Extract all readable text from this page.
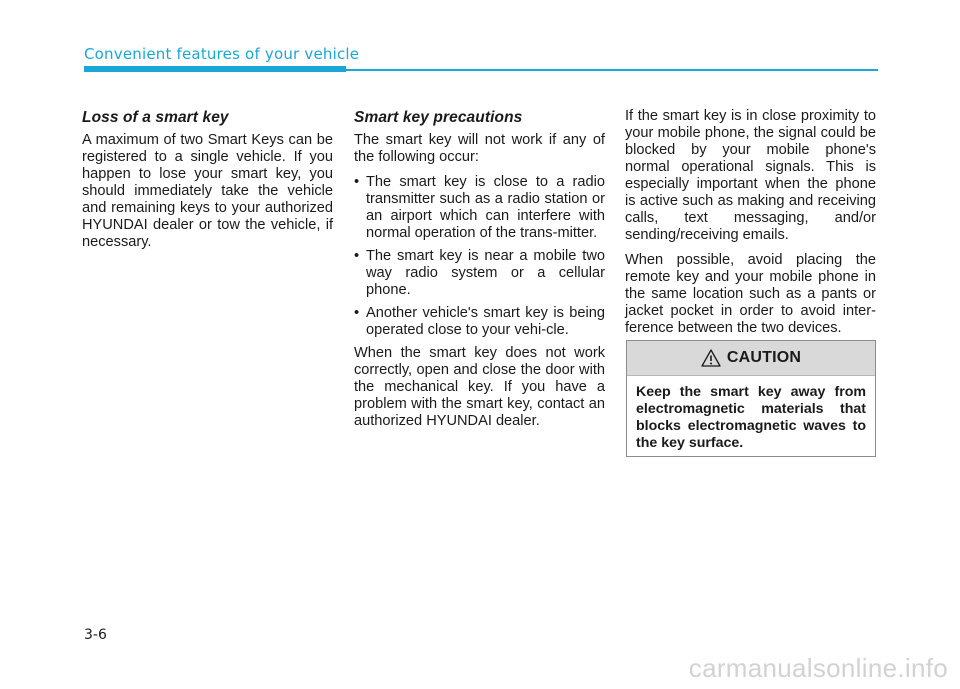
Convenient features of your vehicle
Loss of a smart key

A maximum of two Smart Keys can be registered to a single vehicle. If you happen to lose your smart key, you should immediately take the vehicle and remaining keys to your authorized HYUNDAI dealer or tow the vehicle, if necessary.

Smart key precautions

The smart key will not work if any of the following occur:

• The smart key is close to a radio transmitter such as a radio station or an airport which can interfere with normal operation of the trans-mitter.
• The smart key is near a mobile two way radio system or a cellular phone.
• Another vehicle's smart key is being operated close to your vehi-cle.

When the smart key does not work correctly, open and close the door with the mechanical key. If you have a problem with the smart key, contact an authorized HYUNDAI dealer.

If the smart key is in close proximity to your mobile phone, the signal could be blocked by your mobile phone's normal operational signals. This is especially important when the phone is active such as making and receiving calls, text messaging, and/or sending/receiving emails.

When possible, avoid placing the remote key and your mobile phone in the same location such as a pants or jacket pocket in order to avoid inter-ference between the two devices.

CAUTION
Keep the smart key away from electromagnetic materials that blocks electromagnetic waves to the key surface.
3-6
carmanualsonline.info
